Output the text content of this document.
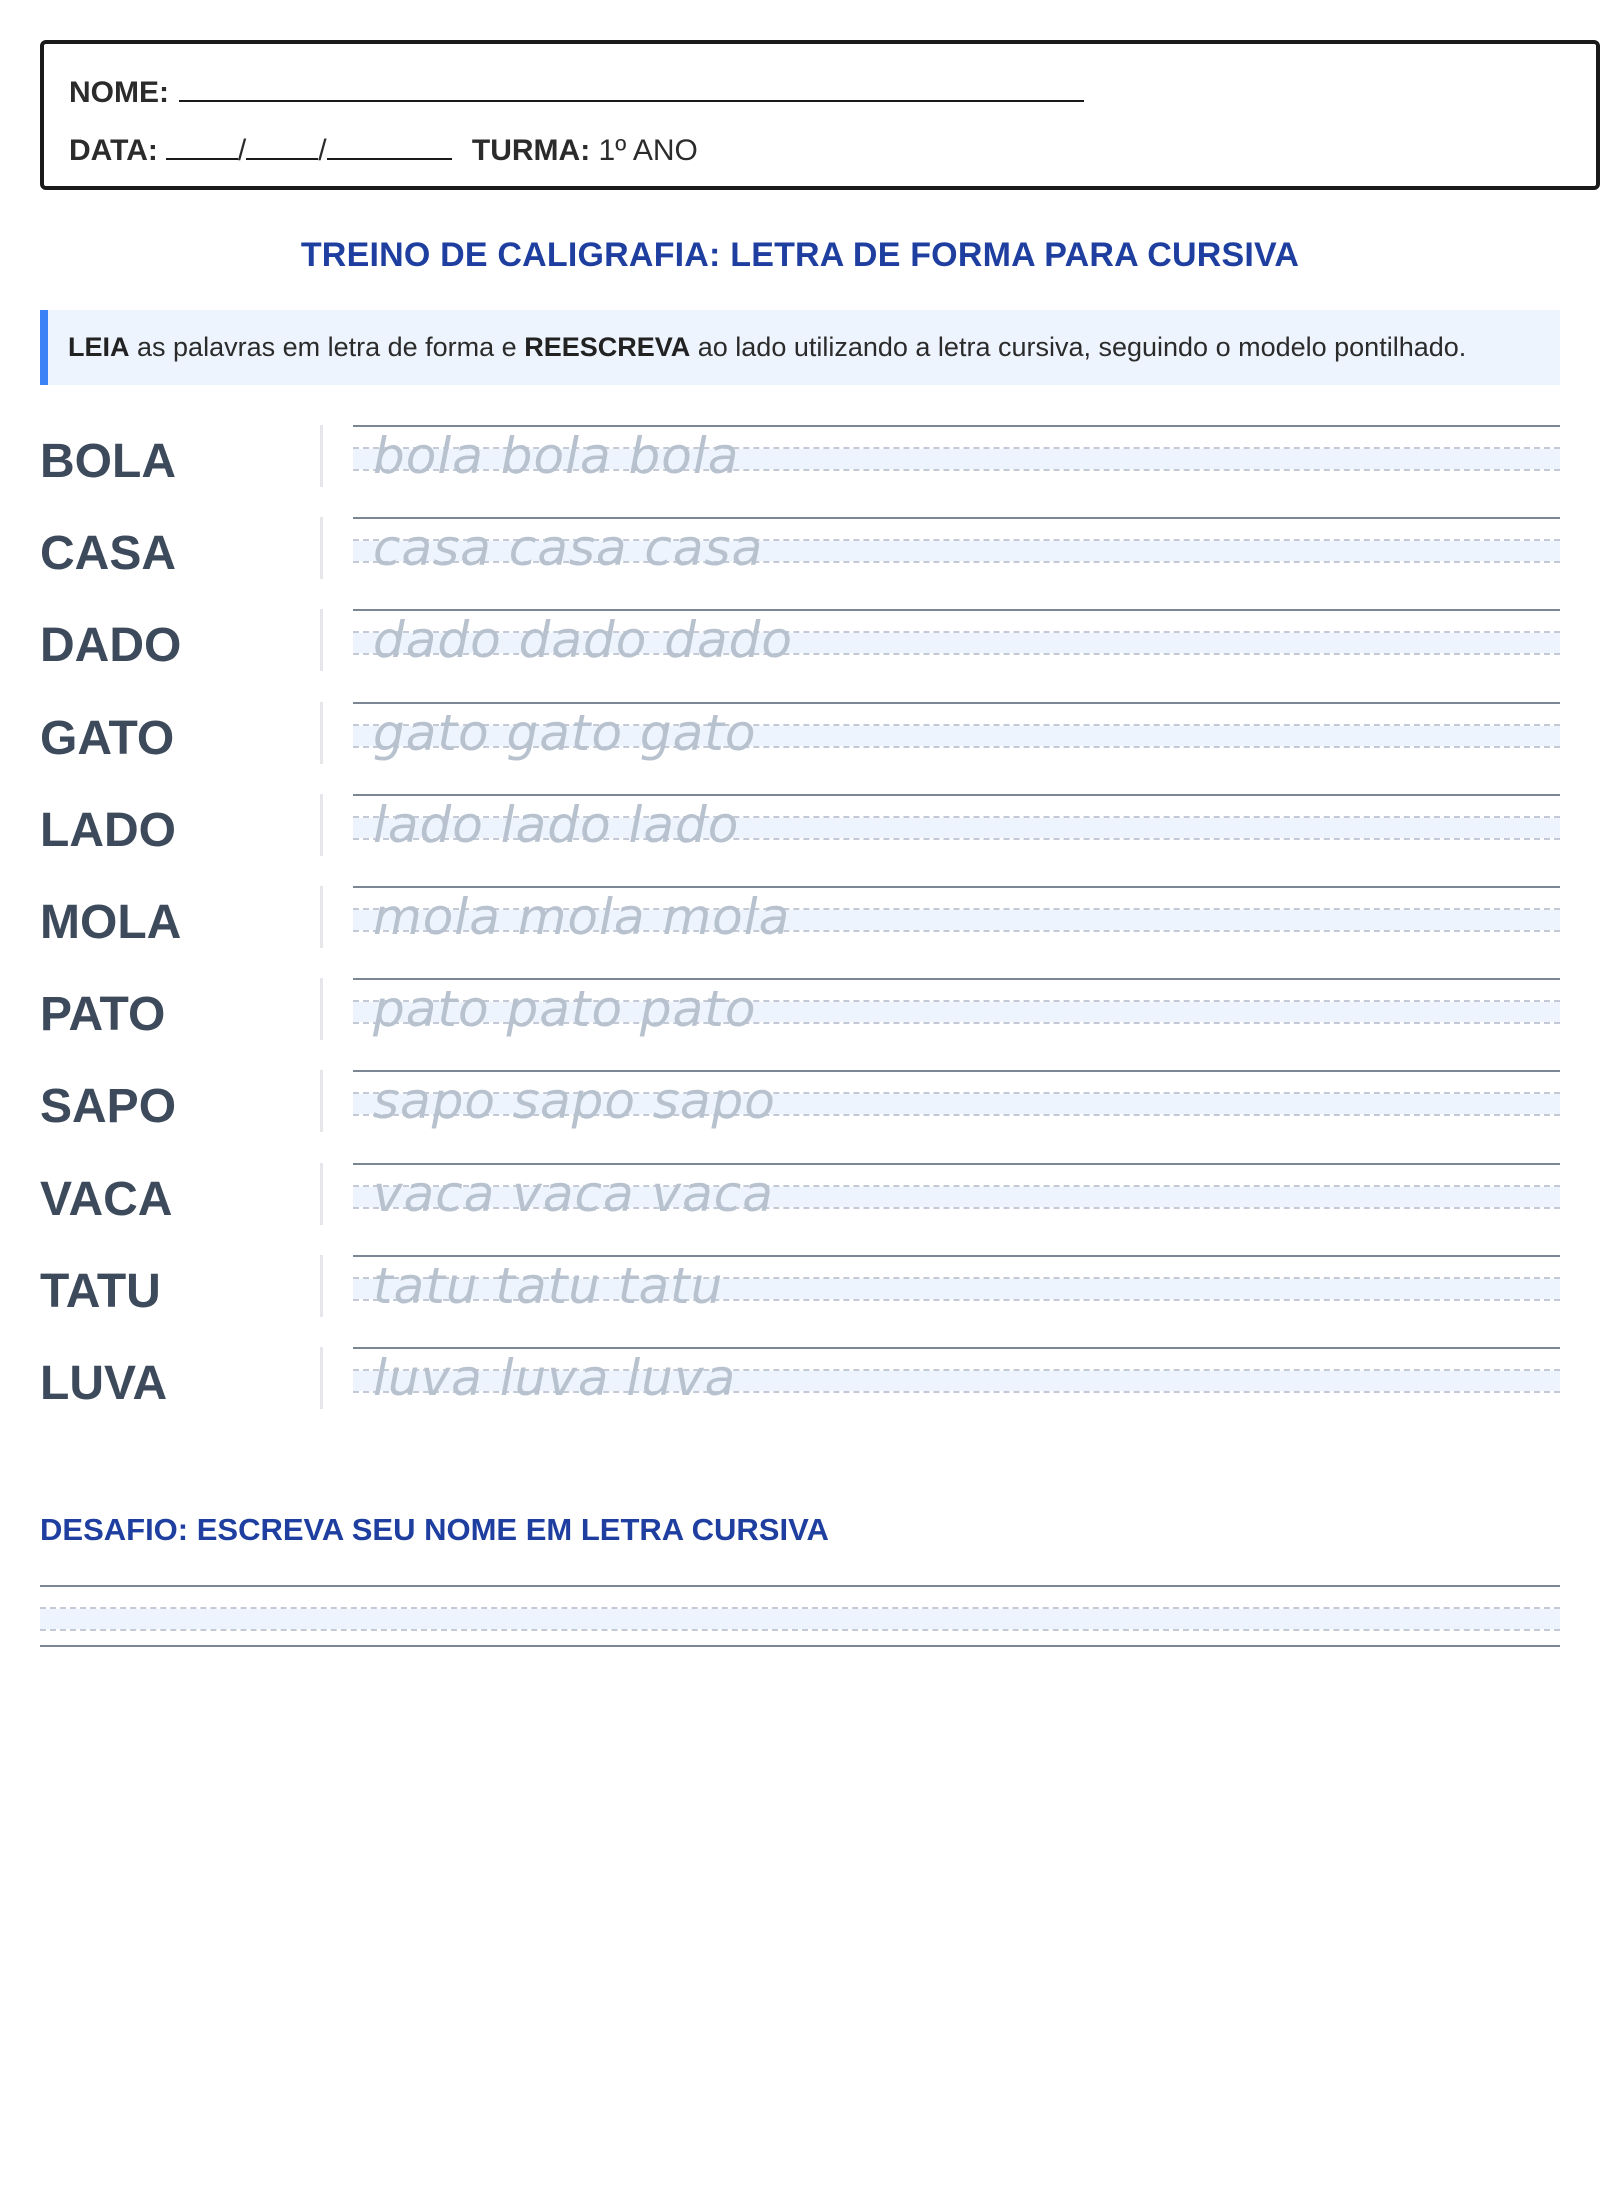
NOME:
DATA:	/ /	TURMA: 1º ANO
TREINO DE CALIGRAFIA: LETRA DE FORMA PARA CURSIVA
LEIA as palavras em letra de forma e REESCREVA ao lado utilizando a letra cursiva, seguindo o modelo pontilhado.
BOLA	bola bola bola
CASA	casa casa casa
DADO	dado dado dado
GATO	gato gato gato
LADO	lado lado lado
MOLA	mola mola mola
PATO	pato pato pato
SAPO	sapo sapo sapo
VACA	vaca vaca vaca
TATU	tatu tatu tatu
LUVA	luva luva luva
DESAFIO: ESCREVA SEU NOME EM LETRA CURSIVA
